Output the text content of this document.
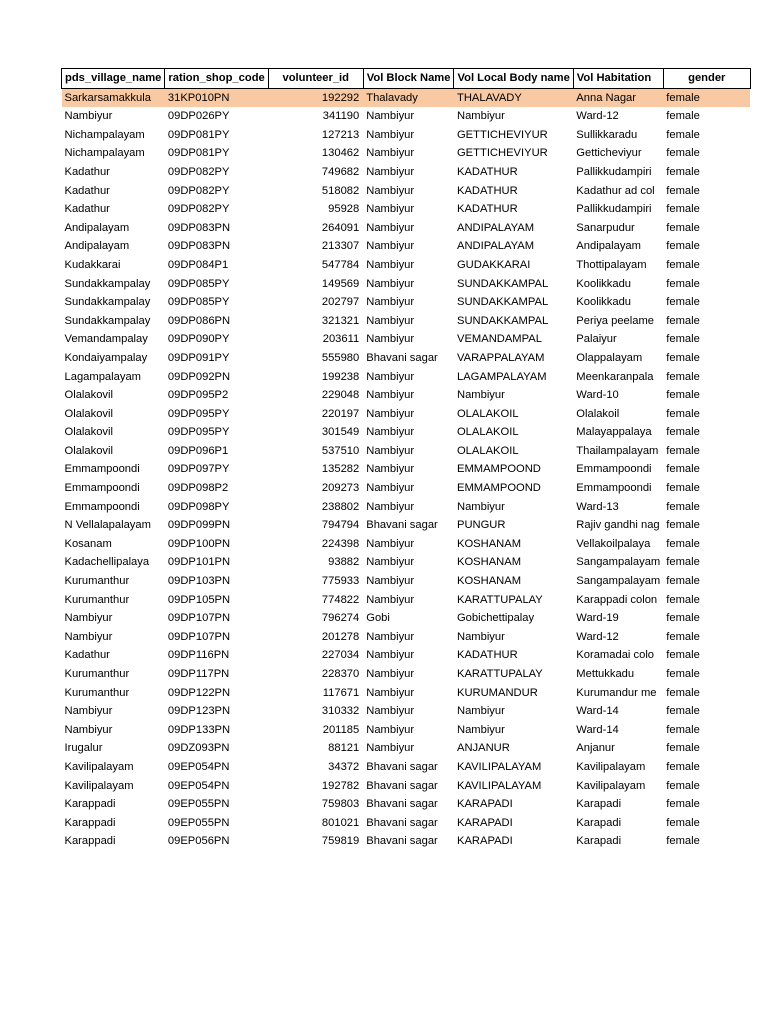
pds_village_name	ration_shop_code	volunteer_id	Vol Block Name	Vol Local Body name	Vol Habitation	gender
Sarkarsamakkula	31KP010PN	192292	Thalavady	THALAVADY	Anna Nagar	female
Nambiyur	09DP026PY	341190	Nambiyur	Nambiyur	Ward-12	female
Nichampalayam	09DP081PY	127213	Nambiyur	GETTICHEVIYUR	Sullikkaradu	female
Nichampalayam	09DP081PY	130462	Nambiyur	GETTICHEVIYUR	Getticheviyur	female
Kadathur	09DP082PY	749682	Nambiyur	KADATHUR	Pallikkudampiri	female
Kadathur	09DP082PY	518082	Nambiyur	KADATHUR	Kadathur ad col	female
Kadathur	09DP082PY	95928	Nambiyur	KADATHUR	Pallikkudampiri	female
Andipalayam	09DP083PN	264091	Nambiyur	ANDIPALAYAM	Sanarpudur	female
Andipalayam	09DP083PN	213307	Nambiyur	ANDIPALAYAM	Andipalayam	female
Kudakkarai	09DP084P1	547784	Nambiyur	GUDAKKARAI	Thottipalayam	female
Sundakkampalay	09DP085PY	149569	Nambiyur	SUNDAKKAMPAL	Koolikkadu	female
Sundakkampalay	09DP085PY	202797	Nambiyur	SUNDAKKAMPAL	Koolikkadu	female
Sundakkampalay	09DP086PN	321321	Nambiyur	SUNDAKKAMPAL	Periya peelame	female
Vemandampalay	09DP090PY	203611	Nambiyur	VEMANDAMPAL	Palaiyur	female
Kondaiyampalay	09DP091PY	555980	Bhavani sagar	VARAPPALAYAM	Olappalayam	female
Lagampalayam	09DP092PN	199238	Nambiyur	LAGAMPALAYAM	Meenkaranpala	female
Olalakovil	09DP095P2	229048	Nambiyur	Nambiyur	Ward-10	female
Olalakovil	09DP095PY	220197	Nambiyur	OLALAKOIL	Olalakoil	female
Olalakovil	09DP095PY	301549	Nambiyur	OLALAKOIL	Malayappalaya	female
Olalakovil	09DP096P1	537510	Nambiyur	OLALAKOIL	Thailampalayam	female
Emmampoondi	09DP097PY	135282	Nambiyur	EMMAMPOOND	Emmampoondi	female
Emmampoondi	09DP098P2	209273	Nambiyur	EMMAMPOOND	Emmampoondi	female
Emmampoondi	09DP098PY	238802	Nambiyur	Nambiyur	Ward-13	female
N Vellalapalayam	09DP099PN	794794	Bhavani sagar	PUNGUR	Rajiv gandhi nag	female
Kosanam	09DP100PN	224398	Nambiyur	KOSHANAM	Vellakoilpalaya	female
Kadachellipalaya	09DP101PN	93882	Nambiyur	KOSHANAM	Sangampalayam	female
Kurumanthur	09DP103PN	775933	Nambiyur	KOSHANAM	Sangampalayam	female
Kurumanthur	09DP105PN	774822	Nambiyur	KARATTUPALAY	Karappadi colon	female
Nambiyur	09DP107PN	796274	Gobi	Gobichettipalay	Ward-19	female
Nambiyur	09DP107PN	201278	Nambiyur	Nambiyur	Ward-12	female
Kadathur	09DP116PN	227034	Nambiyur	KADATHUR	Koramadai colo	female
Kurumanthur	09DP117PN	228370	Nambiyur	KARATTUPALAY	Mettukkadu	female
Kurumanthur	09DP122PN	117671	Nambiyur	KURUMANDUR	Kurumandur me	female
Nambiyur	09DP123PN	310332	Nambiyur	Nambiyur	Ward-14	female
Nambiyur	09DP133PN	201185	Nambiyur	Nambiyur	Ward-14	female
Irugalur	09DZ093PN	88121	Nambiyur	ANJANUR	Anjanur	female
Kavilipalayam	09EP054PN	34372	Bhavani sagar	KAVILIPALAYAM	Kavilipalayam	female
Kavilipalayam	09EP054PN	192782	Bhavani sagar	KAVILIPALAYAM	Kavilipalayam	female
Karappadi	09EP055PN	759803	Bhavani sagar	KARAPADI	Karapadi	female
Karappadi	09EP055PN	801021	Bhavani sagar	KARAPADI	Karapadi	female
Karappadi	09EP056PN	759819	Bhavani sagar	KARAPADI	Karapadi	female
